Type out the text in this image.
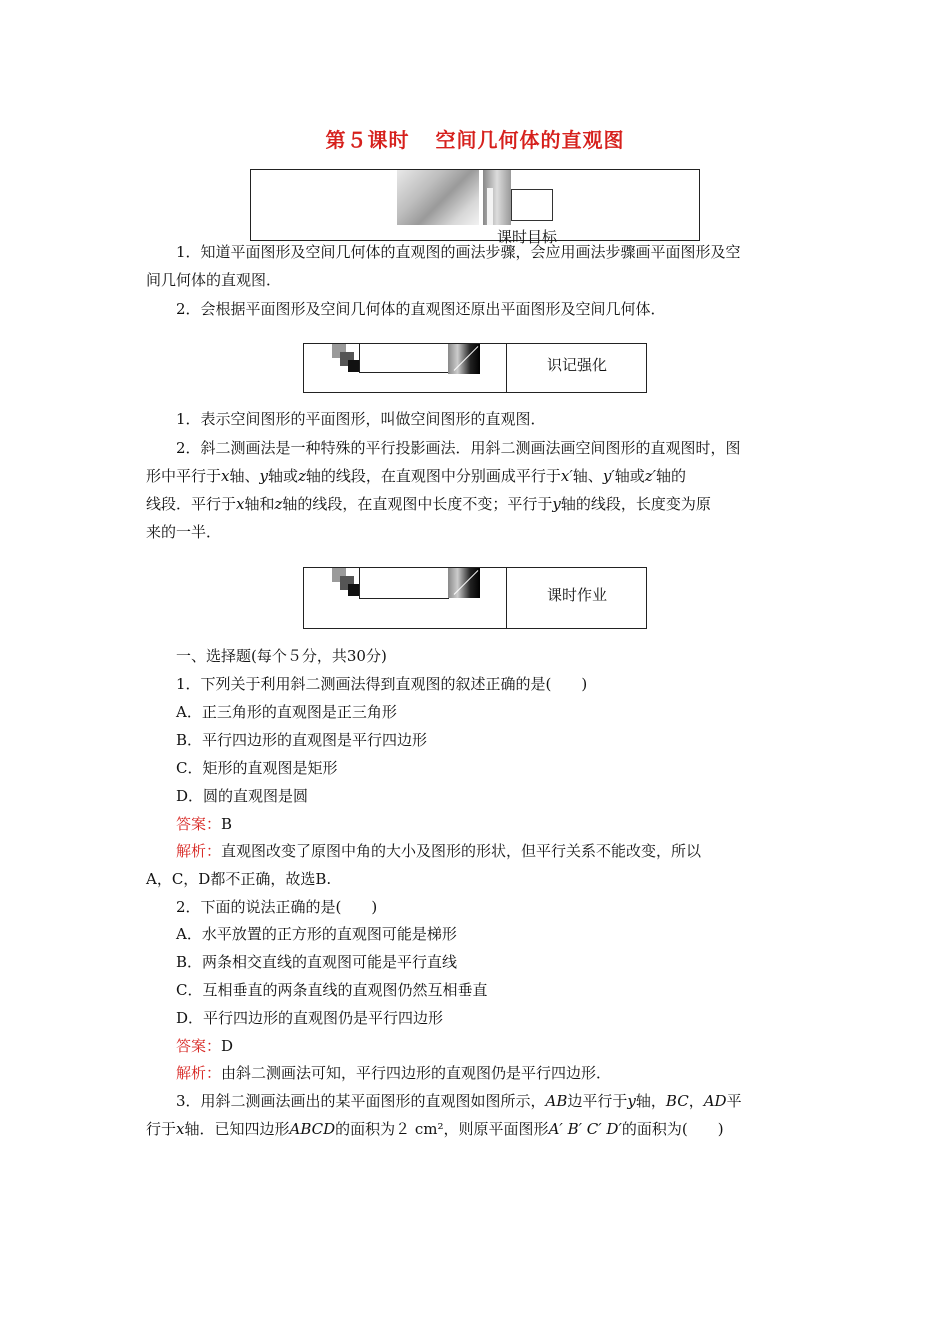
第５课时 空间几何体的直观图
课时目标
1．知道平面图形及空间几何体的直观图的画法步骤，会应用画法步骤画平面图形及空
间几何体的直观图．
2．会根据平面图形及空间几何体的直观图还原出平面图形及空间几何体．
识记强化
1．表示空间图形的平面图形，叫做空间图形的直观图．
2．斜二测画法是一种特殊的平行投影画法．用斜二测画法画空间图形的直观图时，图
形中平行于x轴、y轴或z轴的线段，在直观图中分别画成平行于x′轴、y′轴或z′轴的
线段．平行于x轴和z轴的线段，在直观图中长度不变；平行于y轴的线段，长度变为原
来的一半．
课时作业
一、选择题(每个５分，共30分)
1．下列关于利用斜二测画法得到直观图的叙述正确的是(　　)
A．正三角形的直观图是正三角形
B．平行四边形的直观图是平行四边形
C．矩形的直观图是矩形
D．圆的直观图是圆
答案：B
解析：直观图改变了原图中角的大小及图形的形状，但平行关系不能改变，所以
A，C，D都不正确，故选B.
2．下面的说法正确的是(　　)
A．水平放置的正方形的直观图可能是梯形
B．两条相交直线的直观图可能是平行直线
C．互相垂直的两条直线的直观图仍然互相垂直
D．平行四边形的直观图仍是平行四边形
答案：D
解析：由斜二测画法可知，平行四边形的直观图仍是平行四边形．
3．用斜二测画法画出的某平面图形的直观图如图所示，AB边平行于y轴，BC，AD平
行于x轴．已知四边形ABCD的面积为２ cm²，则原平面图形A′ B′ C′ D′的面积为(　　)
